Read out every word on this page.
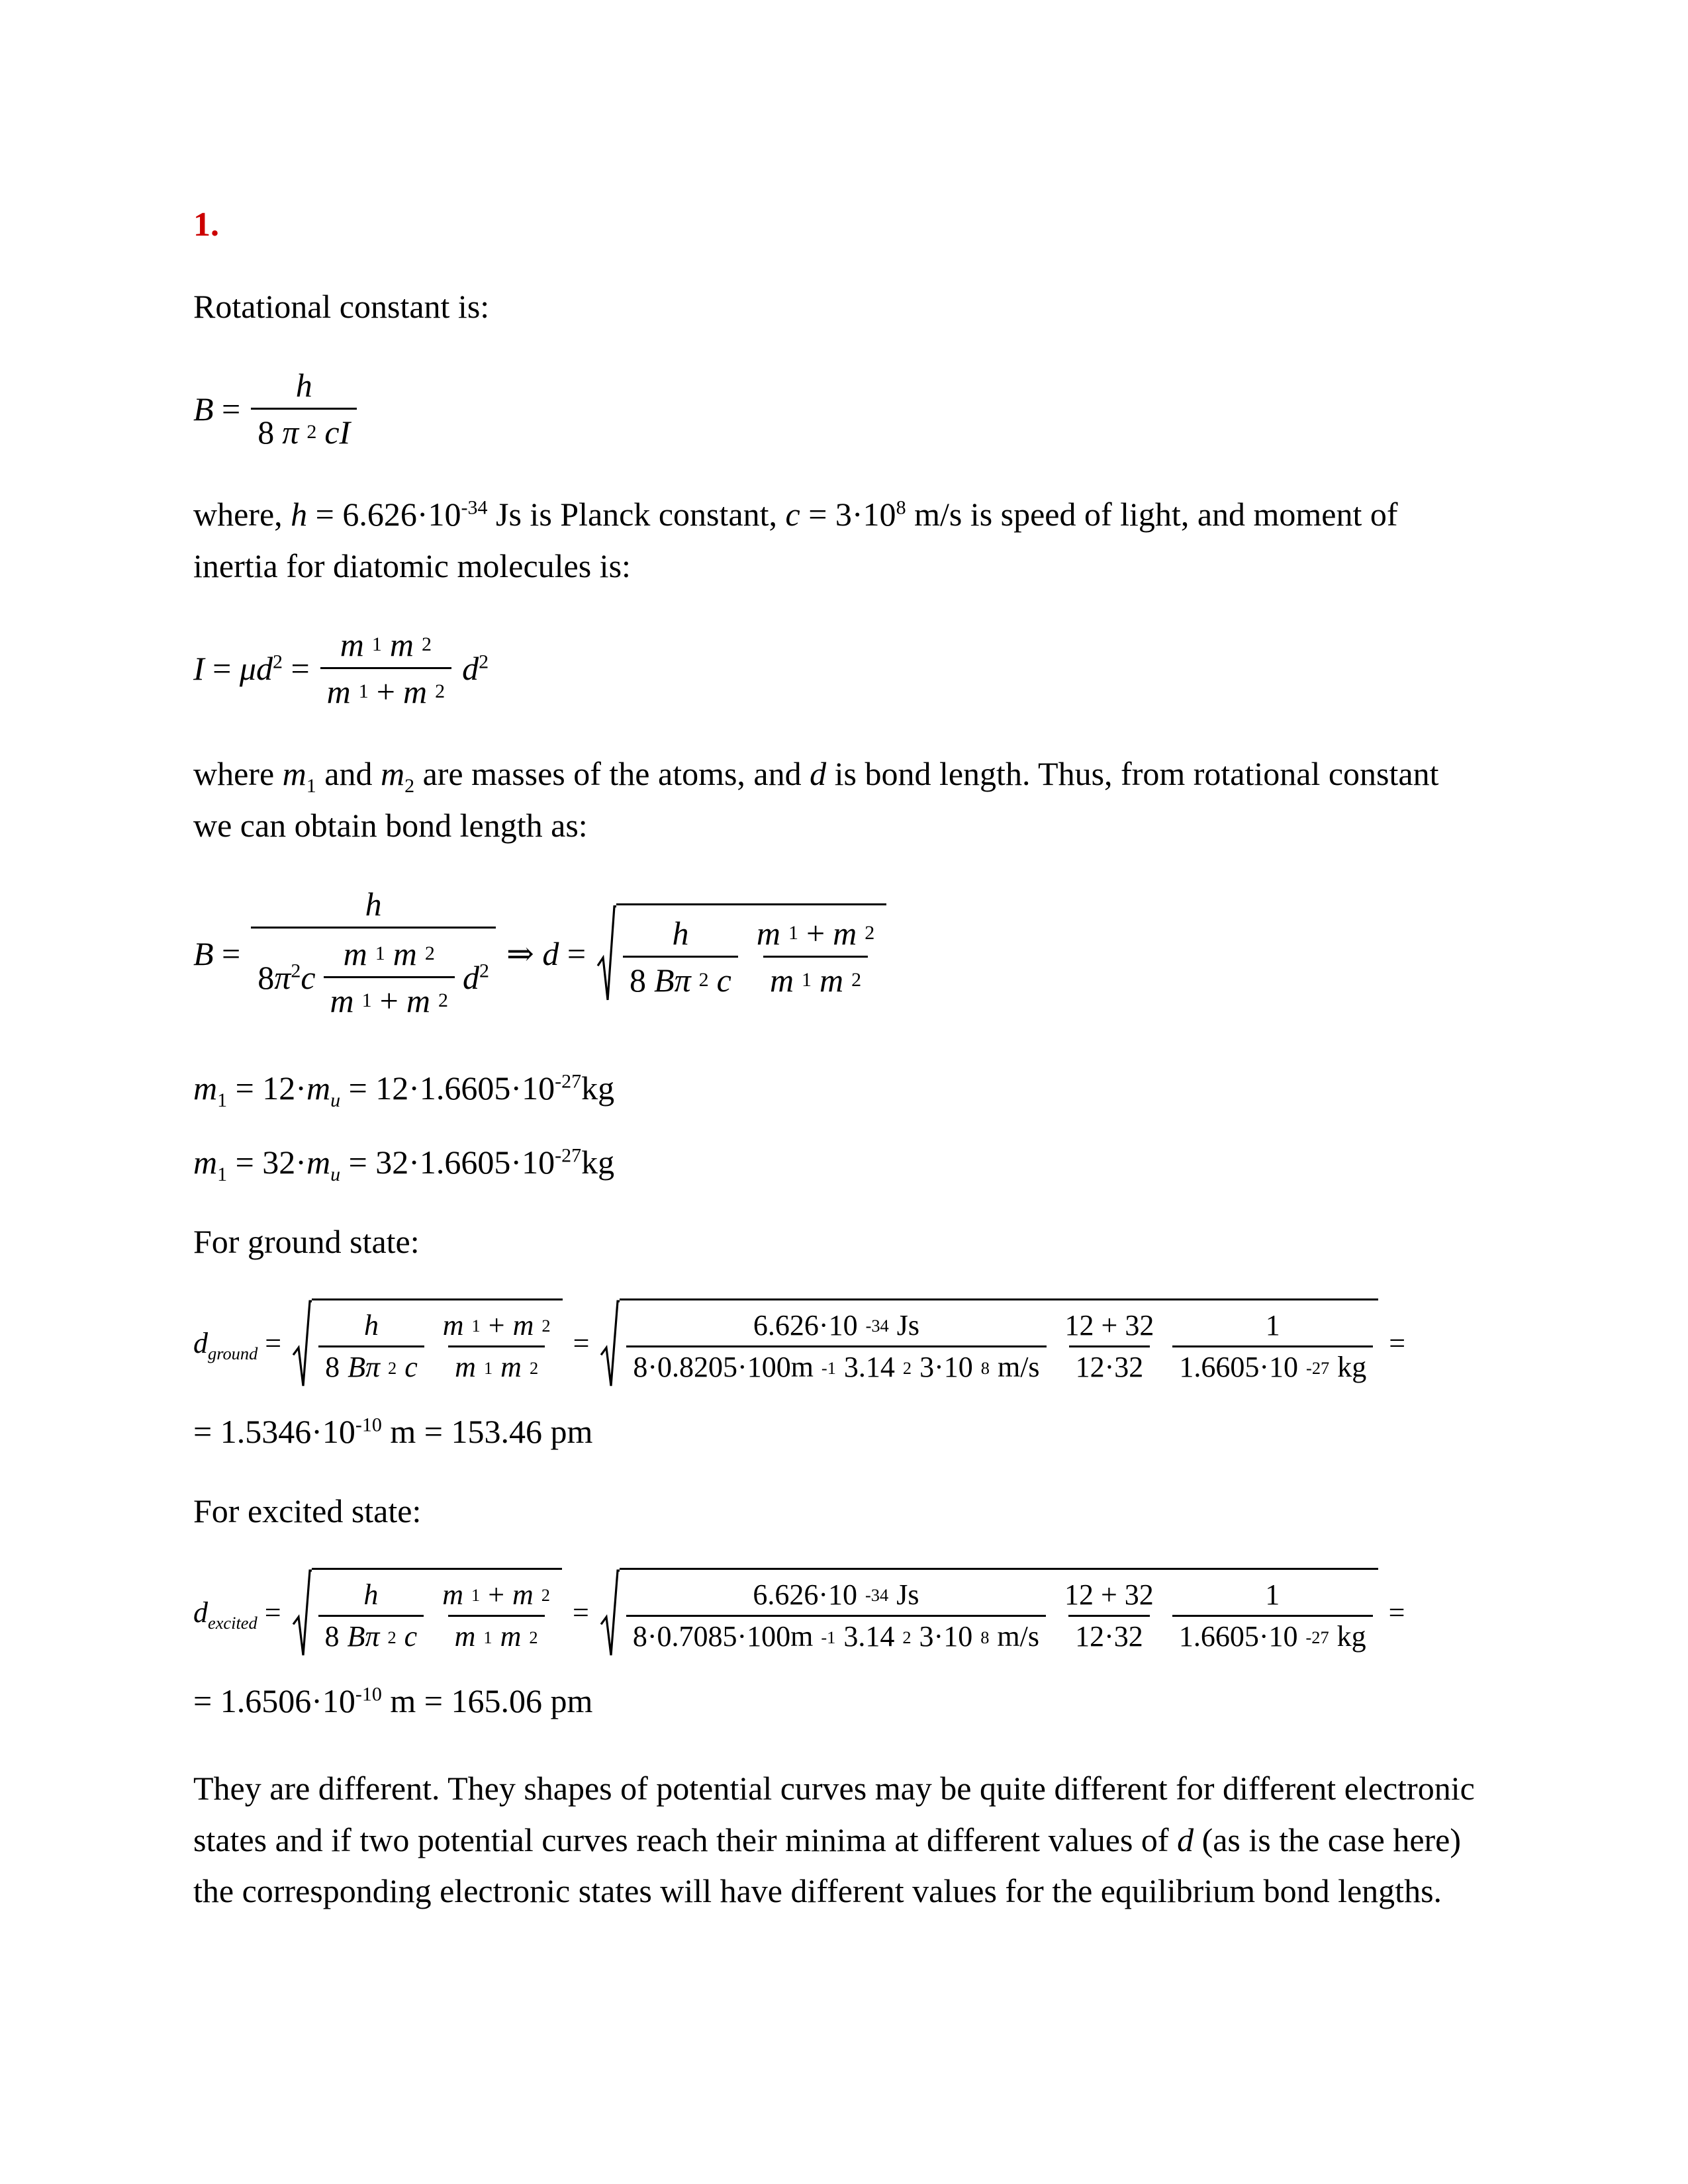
1.

Rotational constant is:

$B = \frac{h}{8 \pi 2 cI}$

where, $h = 6.626\cdot 10^{-34}$ Js is Planck constant, $c = 3\cdot 10^8$ m/s is speed of light, and moment of inertia for diatomic molecules is:

$I = \mu d^2 = \frac{m 1 m 2}{m 1 + m 2} d^2$

where $m_1$ and $m_2$ are masses of the atoms, and d is bond length. Thus, from rotational constant we can obtain bond length as:

B =
h
$8\pi^2c \frac{m 1 m 2}{m 1 + m 2} d^2$ ⇒ $d = \frac{h}{8 B\pi 2 c} \frac{m 1 + m 2}{m 1 m 2}$
$m_1 = 12\cdot m_u = 12\cdot 1.6605\cdot 10^{-27}kg$
$m_1 = 32\cdot m_u = 32\cdot 1.6605\cdot 10^{-27}kg$

For ground state:

$d_{ground} = \frac{h}{8 B\pi 2 c} \frac{m 1 + m 2}{m 1 m 2} = \frac{6.626\cdot 10 -34 Js}{8\cdot 0.8205\cdot 100m -1 3.14 2 3\cdot 10 8 m/s} \frac{12 + 32}{12\cdot 32} \frac{1}{1.6605\cdot 10 -27 kg}$ =
= $1.5346\cdot 10^{-10}$ m = 153.46 pm

For excited state:

$d_{excited} = \frac{h}{8 B\pi 2 c} \frac{m 1 + m 2}{m 1 m 2} = \frac{6.626\cdot 10 -34 Js}{8\cdot 0.7085\cdot 100m -1 3.14 2 3\cdot 10 8 m/s} \frac{12 + 32}{12\cdot 32} \frac{1}{1.6605\cdot 10 -27 kg}$ =
= $1.6506\cdot 10^{-10}$ m = 165.06 pm

They are different. They shapes of potential curves may be quite different for different electronic states and if two potential curves reach their minima at different values of d (as is the case here) the corresponding electronic states will have different values for the equilibrium bond lengths.
